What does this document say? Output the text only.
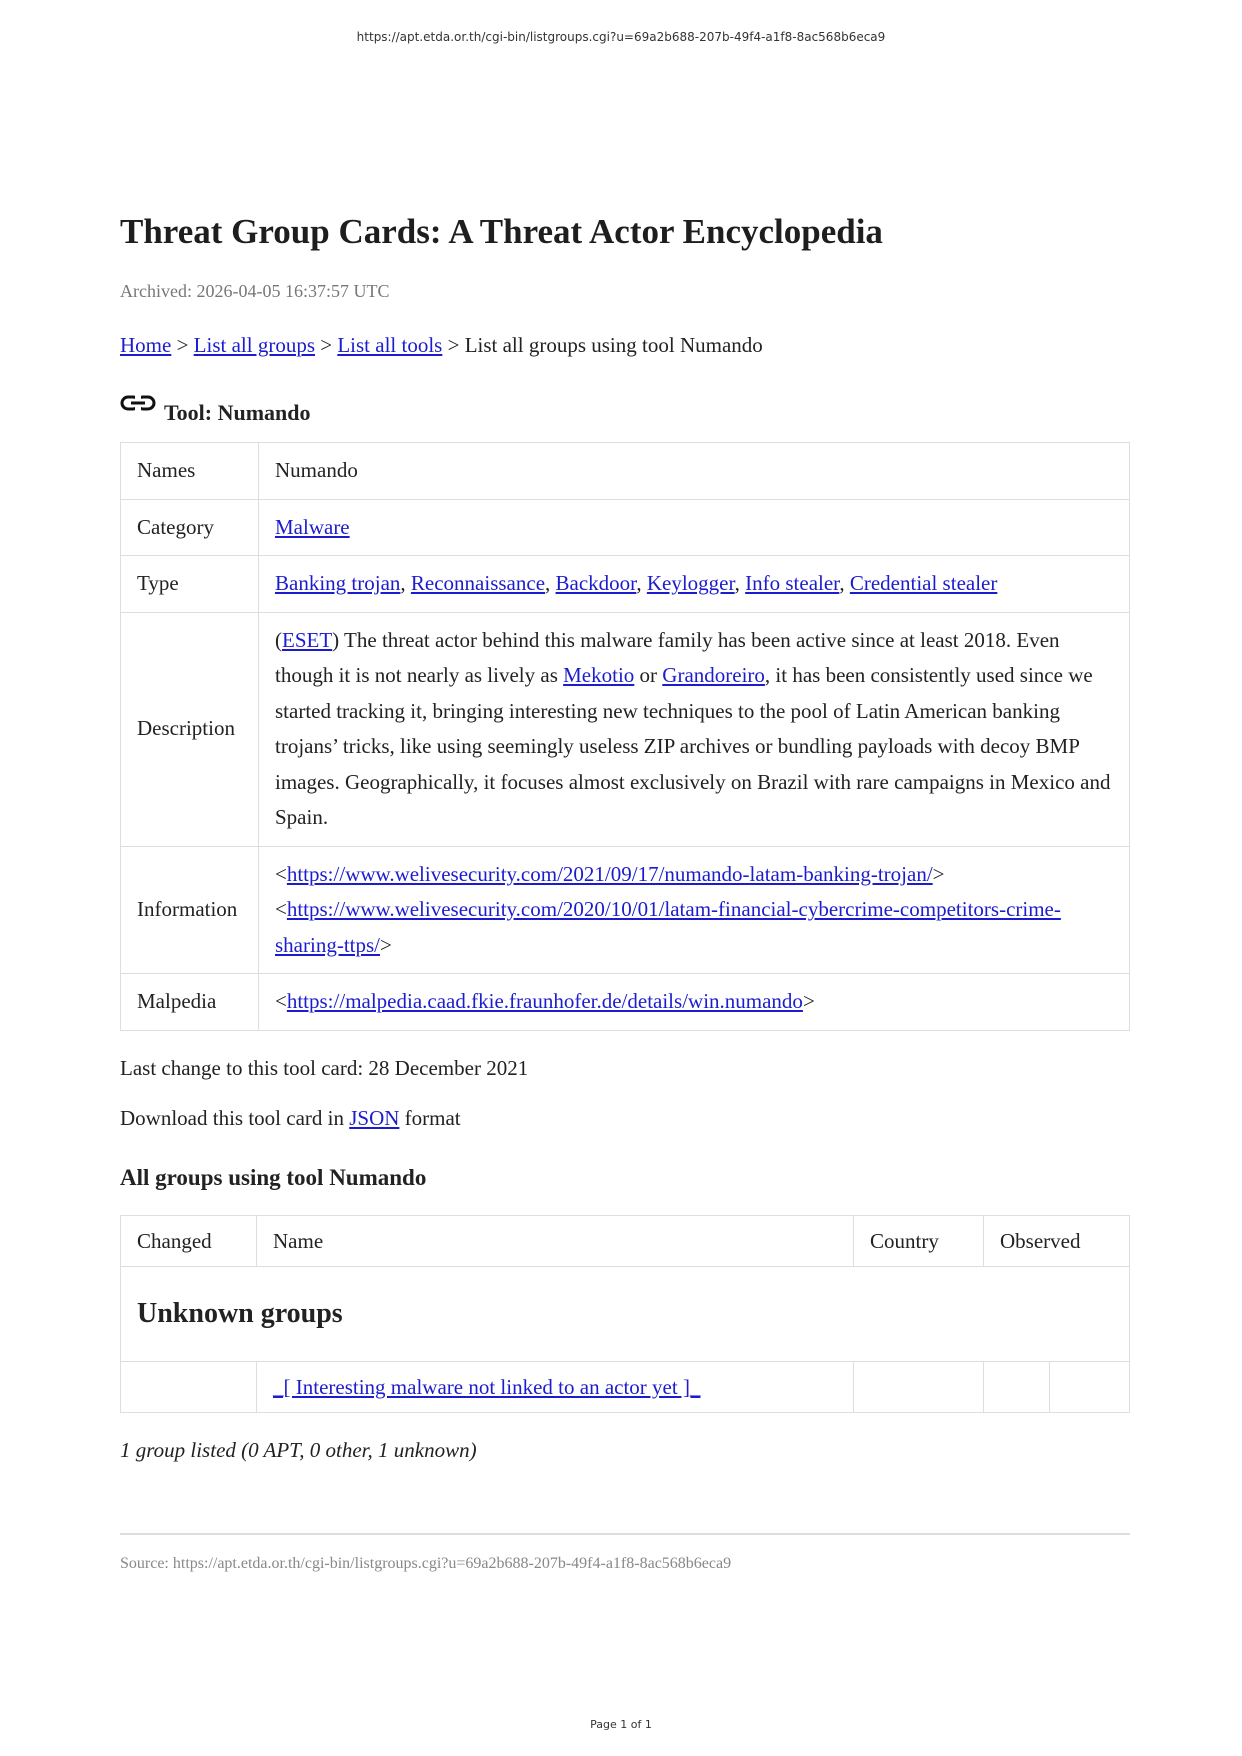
https://apt.etda.or.th/cgi-bin/listgroups.cgi?u=69a2b688-207b-49f4-a1f8-8ac568b6eca9
Threat Group Cards: A Threat Actor Encyclopedia
Archived: 2026-04-05 16:37:57 UTC
Home > List all groups > List all tools > List all groups using tool Numando
Tool: Numando
Names	Numando
Category	Malware
Type	Banking trojan, Reconnaissance, Backdoor, Keylogger, Info stealer, Credential stealer
Description	(ESET) The threat actor behind this malware family has been active since at least 2018. Even though it is not nearly as lively as Mekotio or Grandoreiro, it has been consistently used since we started tracking it, bringing interesting new techniques to the pool of Latin American banking trojans’ tricks, like using seemingly useless ZIP archives or bundling payloads with decoy BMP images. Geographically, it focuses almost exclusively on Brazil with rare campaigns in Mexico and Spain.
Information	<https://www.welivesecurity.com/2021/09/17/numando-latam-banking-trojan/>
<https://www.welivesecurity.com/2020/10/01/latam-financial-cybercrime-competitors-crime-sharing-ttps/>

Malpedia	<https://malpedia.caad.fkie.fraunhofer.de/details/win.numando>
Last change to this tool card: 28 December 2021
Download this tool card in JSON format
All groups using tool Numando
Changed	Name	Country	Observed	
Unknown groups				
	_[ Interesting malware not linked to an actor yet ]_			
1 group listed (0 APT, 0 other, 1 unknown)
Source: https://apt.etda.or.th/cgi-bin/listgroups.cgi?u=69a2b688-207b-49f4-a1f8-8ac568b6eca9
Page 1 of 1
